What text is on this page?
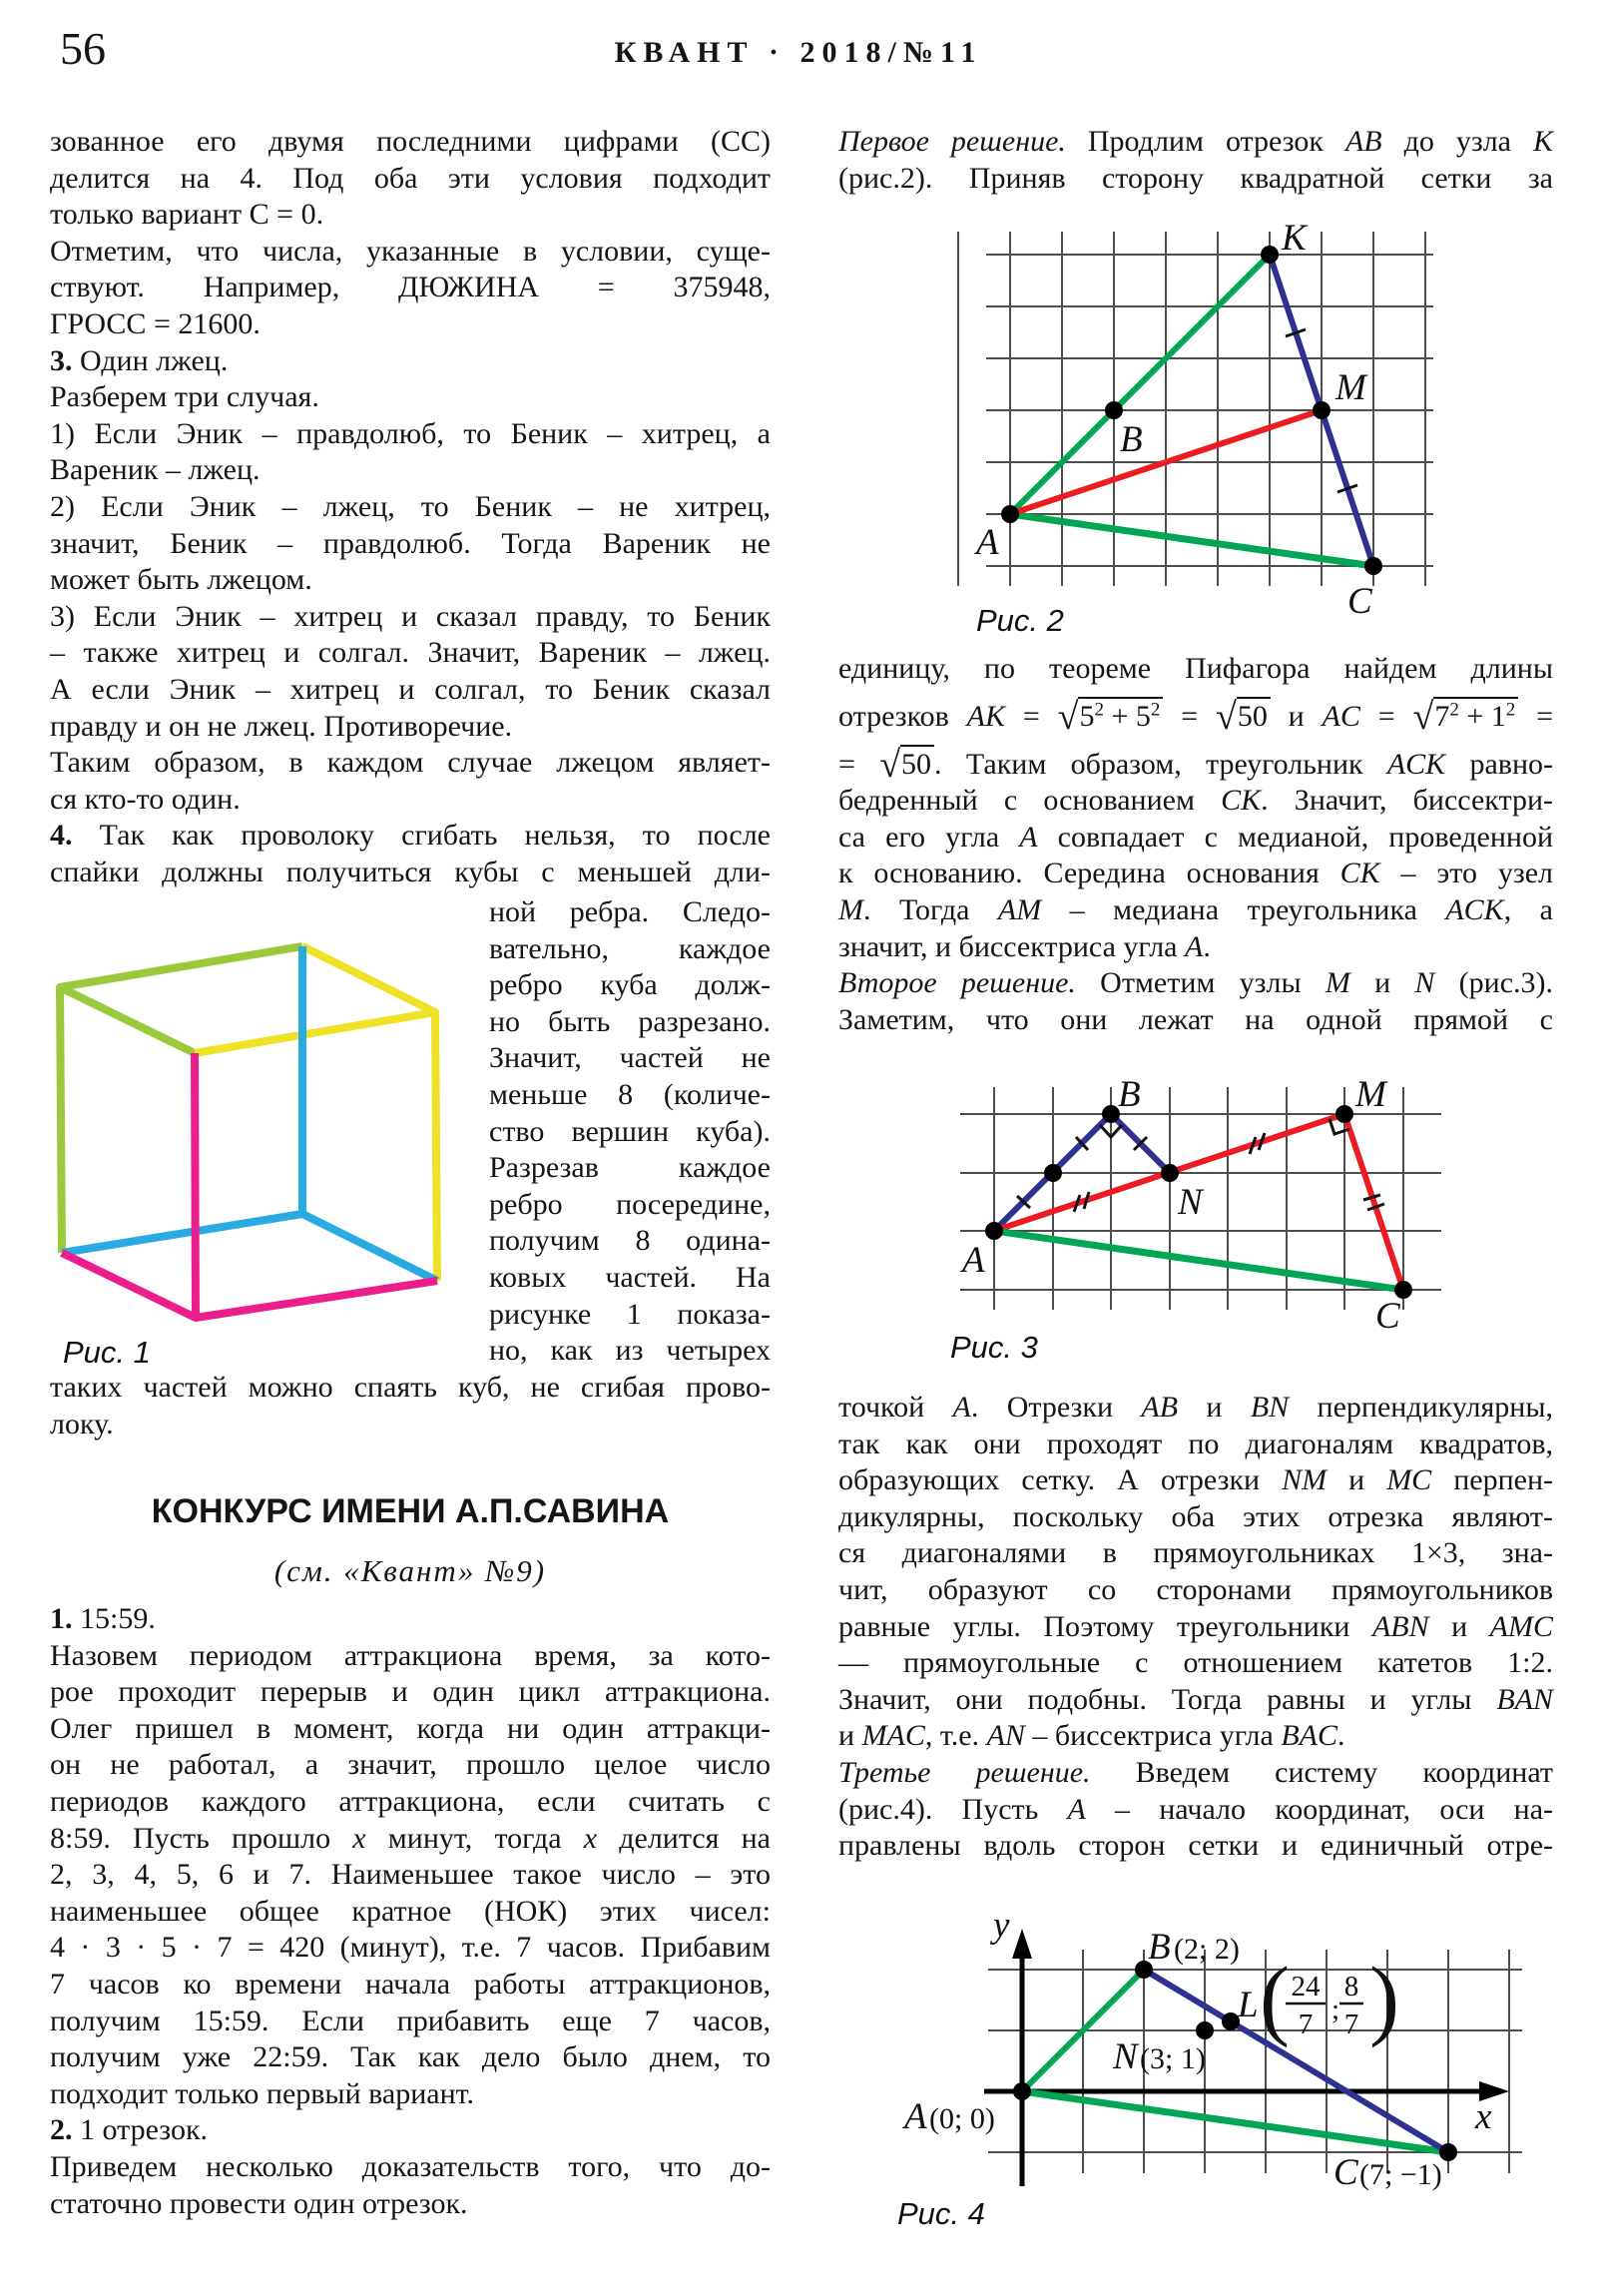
56	КВАНТ · 2018/№11
зованное его двумя последними цифрами (СС)
делится на 4. Под оба эти условия подходит
только вариант С = 0.
Отметим, что числа, указанные в условии, суще-
ствуют. Например, ДЮЖИНА = 375948,
ГРОСС = 21600.
3. Один лжец.
Разберем три случая.
1) Если Эник – правдолюб, то Беник – хитрец, а
Вареник – лжец.
2) Если Эник – лжец, то Беник – не хитрец,
значит, Беник – правдолюб. Тогда Вареник не
может быть лжецом.
3) Если Эник – хитрец и сказал правду, то Беник
– также хитрец и солгал. Значит, Вареник – лжец.
А если Эник – хитрец и солгал, то Беник сказал
правду и он не лжец. Противоречие.
Таким образом, в каждом случае лжецом являет-
ся кто-то один.
4. Так как проволоку сгибать нельзя, то после
спайки должны получиться кубы с меньшей дли-
ной ребра. Следо-
вательно, каждое
ребро куба долж-
но быть разрезано.
Значит, частей не
меньше 8 (количе-
ство вершин куба).
Разрезав каждое
ребро посередине,
получим 8 одина-
ковых частей. На
рисунке 1 показа-
но, как из четырех
таких частей можно спаять куб, не сгибая прово-
локу.
КОНКУРС ИМЕНИ А.П.САВИНА
(см. «Квант» №9)
1. 15:59.
Назовем периодом аттракциона время, за кото-
рое проходит перерыв и один цикл аттракциона.
Олег пришел в момент, когда ни один аттракци-
он не работал, а значит, прошло целое число
периодов каждого аттракциона, если считать с
8:59. Пусть прошло x минут, тогда x делится на
2, 3, 4, 5, 6 и 7. Наименьшее такое число – это
наименьшее общее кратное (НОК) этих чисел:
4 · 3 · 5 · 7 = 420 (минут), т.е. 7 часов. Прибавим
7 часов ко времени начала работы аттракционов,
получим 15:59. Если прибавить еще 7 часов,
получим уже 22:59. Так как дело было днем, то
подходит только первый вариант.
2. 1 отрезок.
Приведем несколько доказательств того, что до-
статочно провести один отрезок.
Первое решение. Продлим отрезок AB до узла K
(рис.2). Приняв сторону квадратной сетки за
единицу, по теореме Пифагора найдем длины
отрезков AK = $√5^2 + 5^2 = √50$ и AC = $√7^2 + 1^2$ =
= √50 . Таким образом, треугольник ACK равно-
бедренный с основанием CK. Значит, биссектри-
са его угла A совпадает с медианой, проведенной
к основанию. Середина основания CK – это узел
M. Тогда AM – медиана треугольника ACK, а
значит, и биссектриса угла A.
Второе решение. Отметим узлы M и N (рис.3).
Заметим, что они лежат на одной прямой с
точкой A. Отрезки AB и BN перпендикулярны,
так как они проходят по диагоналям квадратов,
образующих сетку. А отрезки NM и MC перпен-
дикулярны, поскольку оба этих отрезка являют-
ся диагоналями в прямоугольниках 1×3, зна-
чит, образуют со сторонами прямоугольников
равные углы. Поэтому треугольники ABN и AMC
— прямоугольные с отношением катетов 1:2.
Значит, они подобны. Тогда равны и углы BAN
и MAC, т.е. AN – биссектриса угла BAC.
Третье решение. Введем систему координат
(рис.4). Пусть A – начало координат, оси на-
правлены вдоль сторон сетки и единичный отре-
Рис. 1
K
M
B
A
C
Рис. 2
B	M
N
A
C
Рис. 3
y
x
B (2; 2)
L ( 24
7 ;
8
7 )
N (3; 1)
A (0; 0)
C (7; −1)
Рис. 4
